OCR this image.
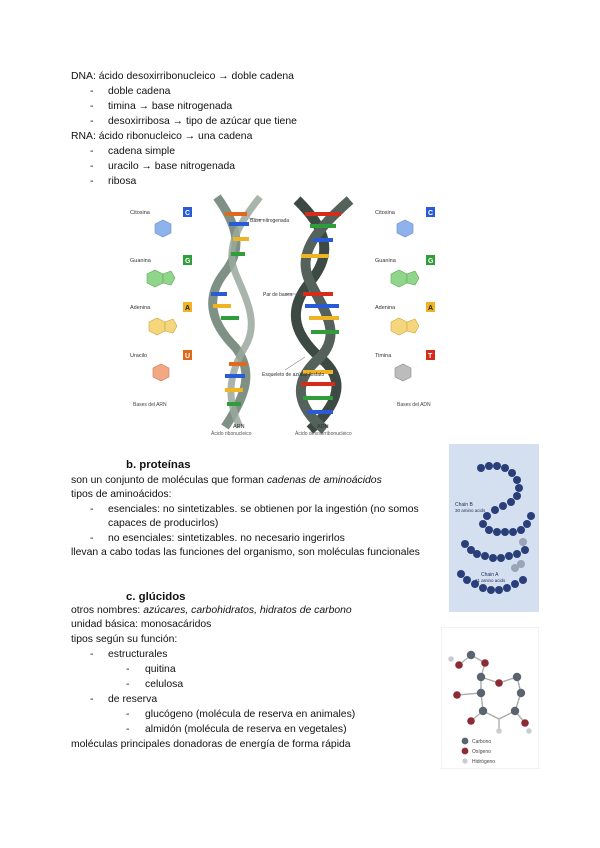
DNA: ácido desoxirribonucleico → doble cadena
- doble cadena
- timina → base nitrogenada
- desoxirribosa → tipo de azúcar que tiene
RNA: ácido ribonucleico → una cadena
- cadena simple
- uracilo → base nitrogenada
- ribosa
Citosina	C
Guanina	G
Adenina	A
Uracilo	U
Bases del ARN
Base nitrogenada
ARN
Ácido ribonucleico
Par de bases
Esqueleto de azúcar-fosfato
ADN
Ácido desoxirribonucleico
Citosina	C
Guanina	G
Adenina	A
Timina	T
Bases del ADN
b. proteínas
son un conjunto de moléculas que forman cadenas de aminoácidos
tipos de aminoácidos:
- esenciales: no sintetizables. se obtienen por la ingestión (no somos
capaces de producirlos)
- no esenciales: sintetizables. no necesario ingerirlos
llevan a cabo todas las funciones del organismo, son moléculas funcionales
Chain B
30 amino acids
Chain A
21 amino acids
c. glúcidos
otros nombres: azúcares, carbohidratos, hidratos de carbono
unidad básica: monosacáridos
tipos según su función:
- estructurales
- quitina
- celulosa
- de reserva
- glucógeno (molécula de reserva en animales)
- almidón (molécula de reserva en vegetales)
moléculas principales donadoras de energía de forma rápida	Carbono
Oxígeno
Hidrógeno
